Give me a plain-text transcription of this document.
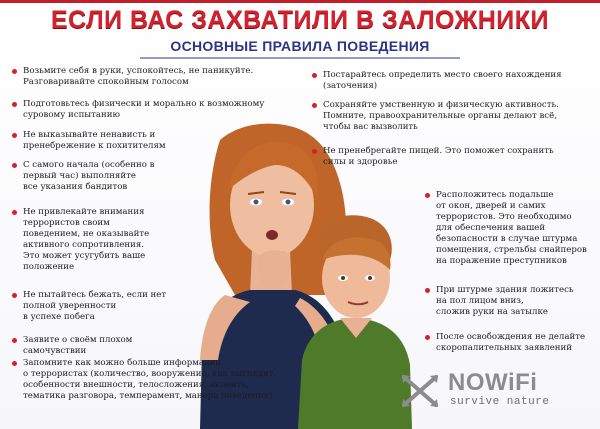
ЕСЛИ ВАС ЗАХВАТИЛИ В ЗАЛОЖНИКИ
ОСНОВНЫЕ ПРАВИЛА ПОВЕДЕНИЯ
Возьмите себя в руки, успокойтесь, не паникуйте.
Разговаривайте спокойным голосом
Подготовьтесь физически и морально к возможному
суровому испытанию
Не выказывайте ненависть и
пренебрежение к похитителям
С самого начала (особенно в
первый час) выполняйте
все указания бандитов
Не привлекайте внимания
террористов своим
поведением, не оказывайте
активного сопротивления.
Это может усугубить ваше
положение
Не пытайтесь бежать, если нет
полной уверенности
в успехе побега
Заявите о своём плохом
самочувствии
Запомните как можно больше информации
о террористах (количество, вооружение, как выглядят,
особенности внешности, телосложения, акцента,
тематика разговора, темперамент, манера поведения)
Постарайтесь определить место своего нахождения
(заточения)
Сохраняйте умственную и физическую активность.
Помните, правоохранительные органы делают всё,
чтобы вас вызволить
Не пренебрегайте пищей. Это поможет сохранить
силы и здоровье
Расположитесь подальше
от окон, дверей и самих
террористов. Это необходимо
для обеспечения вашей
безопасности в случае штурма
помещения, стрельбы снайперов
на поражение преступников
При штурме здания ложитесь
на пол лицом вниз,
сложив руки на затылке
После освобождения не делайте
скоропалительных заявлений
NOWiFi
survive nature
